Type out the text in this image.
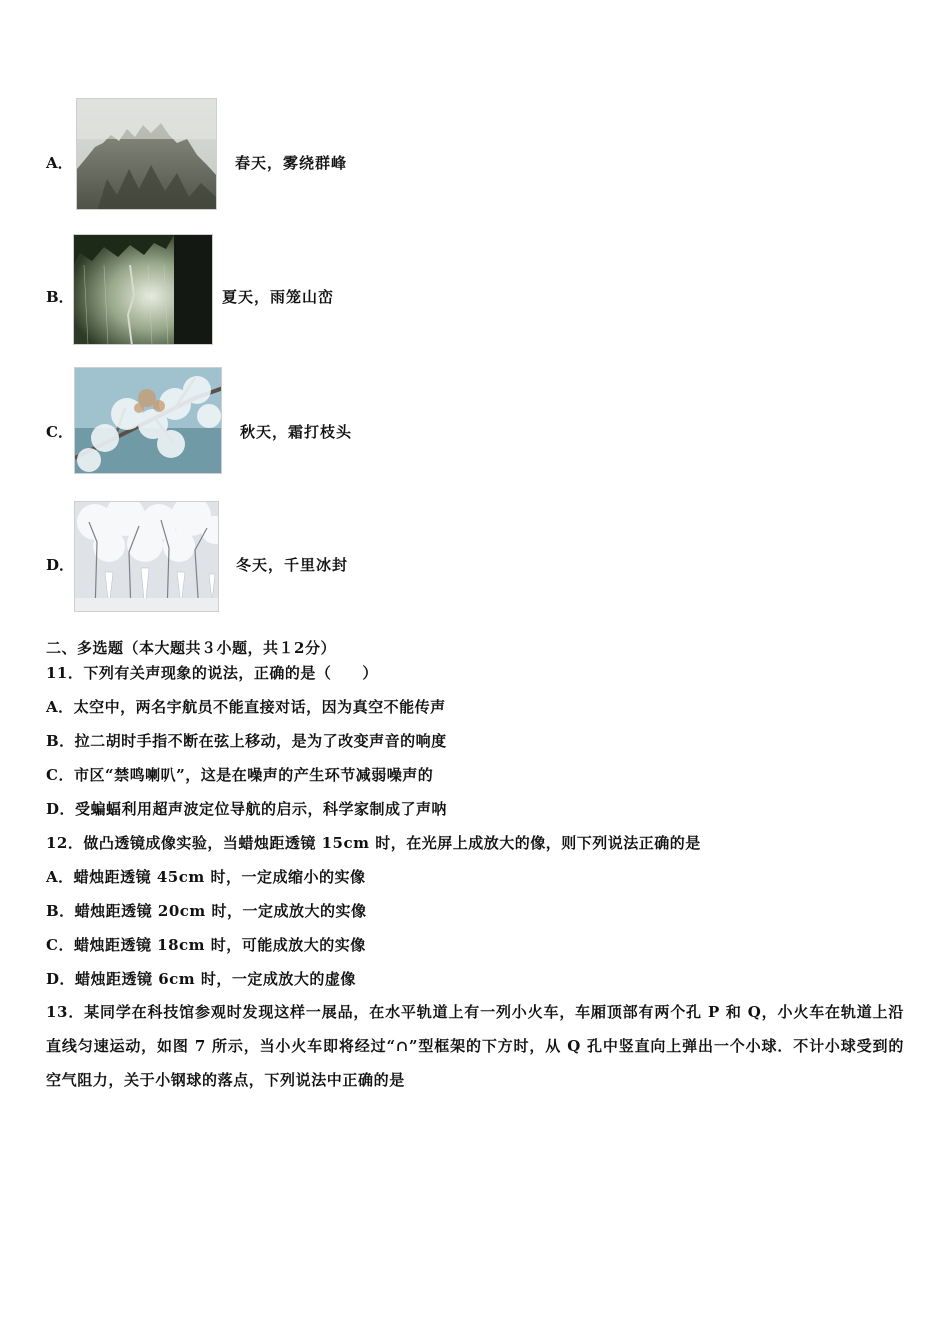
A．	春天，雾绕群峰
B．	夏天，雨笼山峦
C．	秋天，霜打枝头
D．	冬天，千里冰封
二、多选题（本大题共３小题，共１2分）
11．下列有关声现象的说法，正确的是（　　）
A．太空中，两名宇航员不能直接对话，因为真空不能传声
B．拉二胡时手指不断在弦上移动，是为了改变声音的响度
C．市区“禁鸣喇叭”，这是在噪声的产生环节减弱噪声的
D．受蝙蝠利用超声波定位导航的启示，科学家制成了声呐
12．做凸透镜成像实验，当蜡烛距透镜 15cm 时，在光屏上成放大的像，则下列说法正确的是
A．蜡烛距透镜 45cm 时，一定成缩小的实像
B．蜡烛距透镜 20cm 时，一定成放大的实像
C．蜡烛距透镜 18cm 时，可能成放大的实像
D．蜡烛距透镜 6cm 时，一定成放大的虚像
13．某同学在科技馆参观时发现这样一展品，在水平轨道上有一列小火车，车厢顶部有两个孔 P 和 Q，小火车在轨道上沿直线匀速运动，如图 7 所示，当小火车即将经过“∩”型框架的下方时，从 Q 孔中竖直向上弹出一个小球．不计小球受到的空气阻力，关于小钢球的落点，下列说法中正确的是
